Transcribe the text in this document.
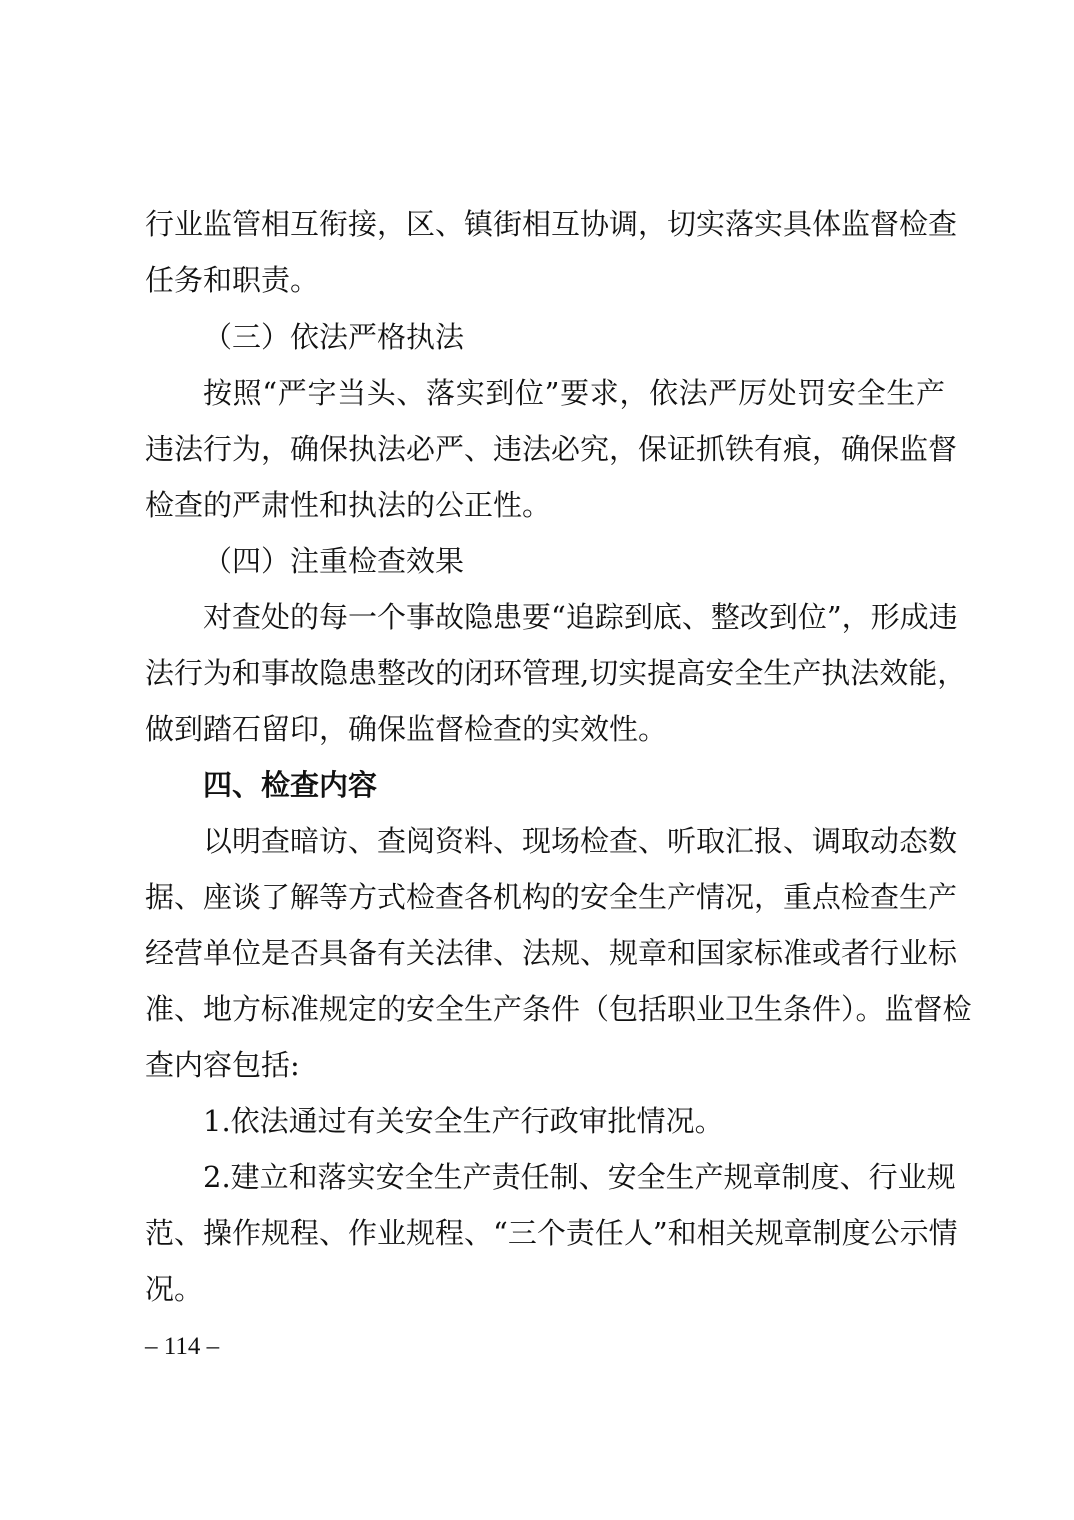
行业监管相互衔接，区、镇街相互协调，切实落实具体监督检查
任务和职责。
（三）依法严格执法
按照“严字当头、落实到位”要求，依法严厉处罚安全生产
违法行为，确保执法必严、违法必究，保证抓铁有痕，确保监督
检查的严肃性和执法的公正性。
（四）注重检查效果
对查处的每一个事故隐患要“追踪到底、整改到位”，形成违
法行为和事故隐患整改的闭环管理,切实提高安全生产执法效能，
做到踏石留印，确保监督检查的实效性。
四、检查内容
以明查暗访、查阅资料、现场检查、听取汇报、调取动态数
据、座谈了解等方式检查各机构的安全生产情况，重点检查生产
经营单位是否具备有关法律、法规、规章和国家标准或者行业标
准、地方标准规定的安全生产条件（包括职业卫生条件）。监督检
查内容包括:
1.依法通过有关安全生产行政审批情况。
2.建立和落实安全生产责任制、安全生产规章制度、行业规
范、操作规程、作业规程、“三个责任人”和相关规章制度公示情
况。
– 114 –
